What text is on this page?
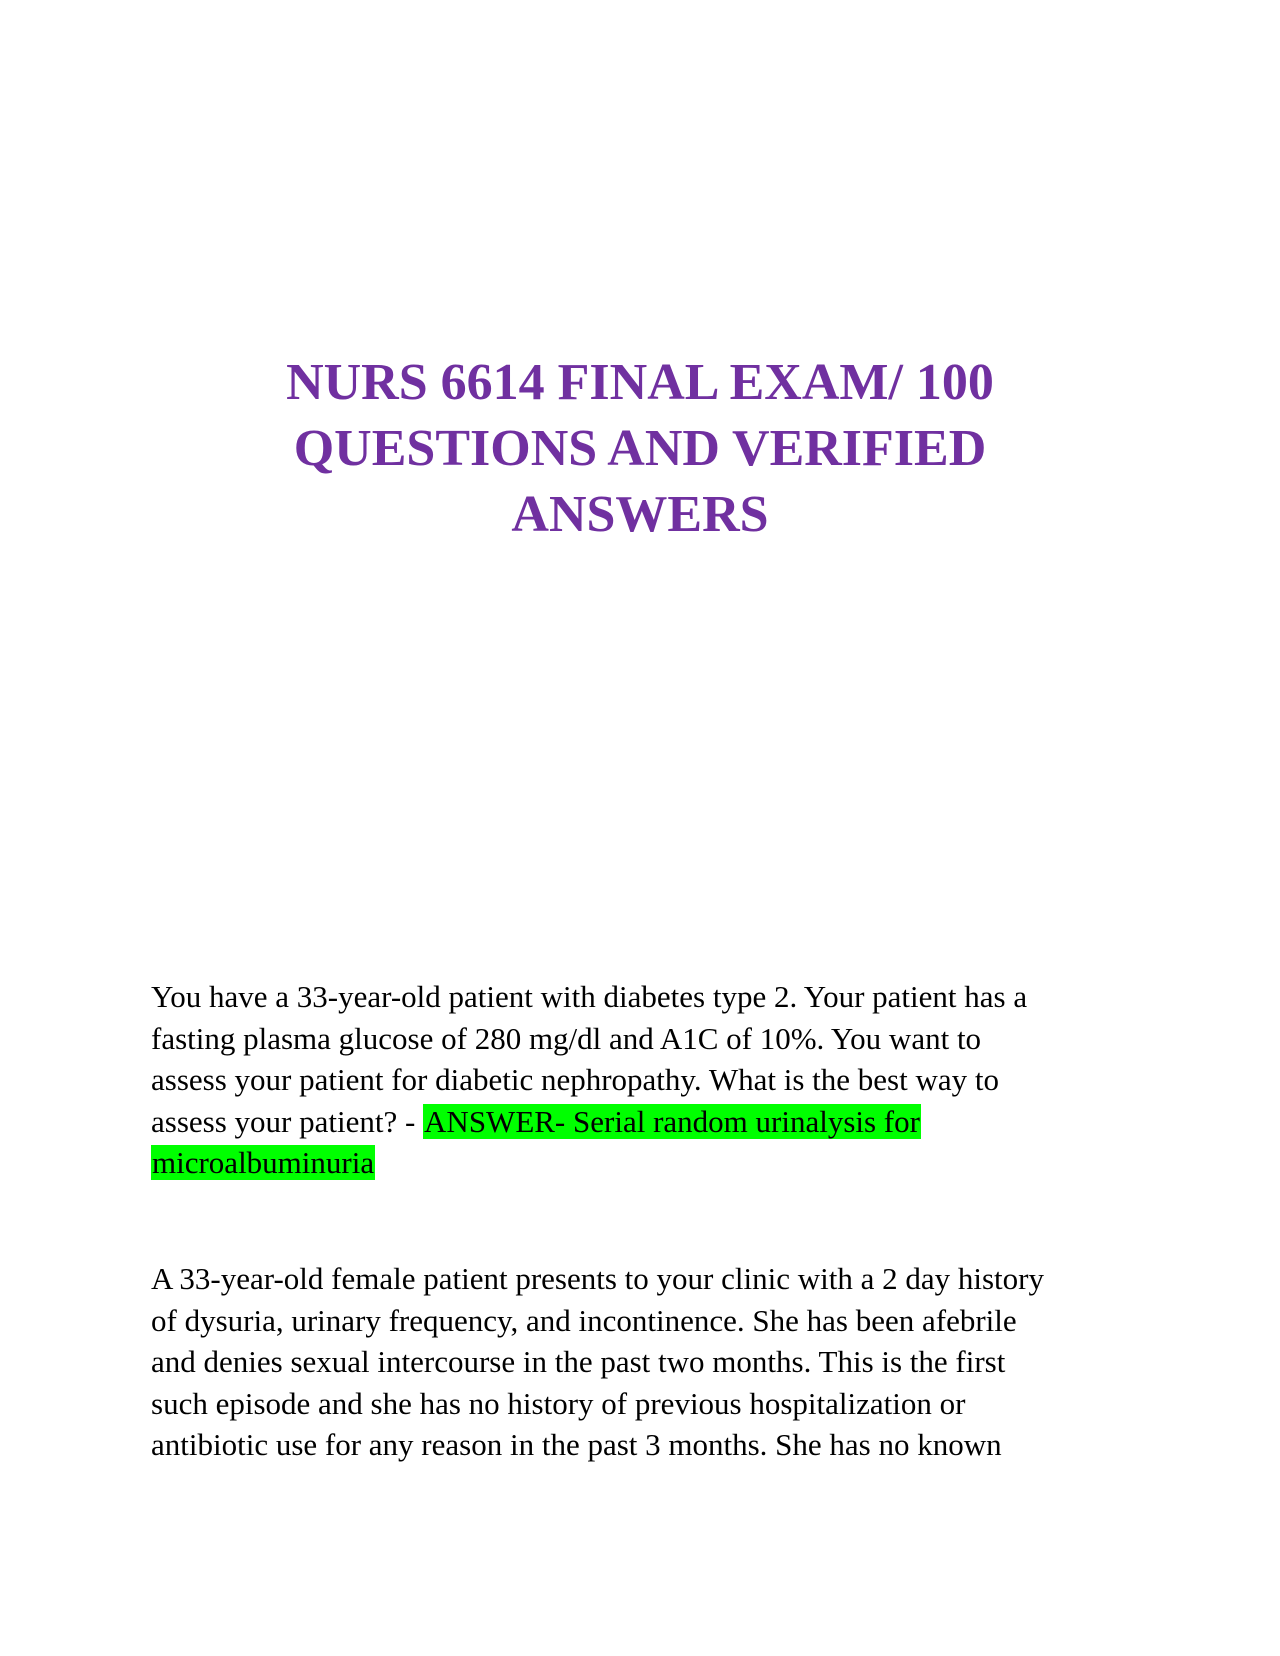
NURS 6614 FINAL EXAM/ 100
QUESTIONS AND VERIFIED
ANSWERS

You have a 33-year-old patient with diabetes type 2. Your patient has a
fasting plasma glucose of 280 mg/dl and A1C of 10%. You want to
assess your patient for diabetic nephropathy. What is the best way to
assess your patient? - ANSWER- Serial random urinalysis for
microalbuminuria

A 33-year-old female patient presents to your clinic with a 2 day history
of dysuria, urinary frequency, and incontinence. She has been afebrile
and denies sexual intercourse in the past two months. This is the first
such episode and she has no history of previous hospitalization or
antibiotic use for any reason in the past 3 months. She has no known
